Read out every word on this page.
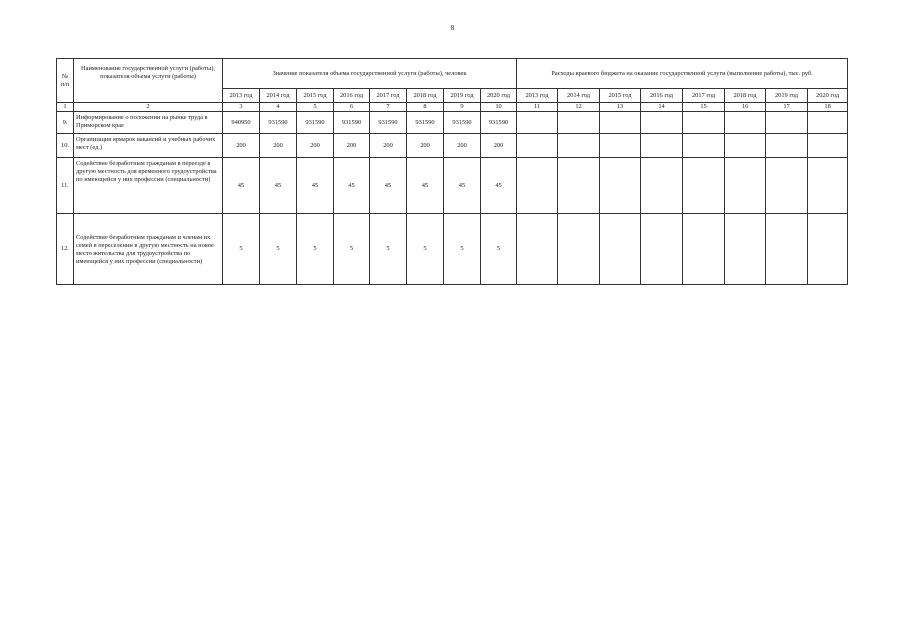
8
№
п/п	Наименование государственной услуги (работы), показателя объема услуги (работы)	Значение показателя объема государственной услуги (работы), человек								Расходы краевого бюджета на оказание государственной услуги (выполнение работы), тыс. руб.							
		2013 год	2014 год	2015 год	2016 год	2017 год	2018 год	2019 год	2020 год	2013 год	2014 год	2015 год	2016 год	2017 год	2018 год	2019 год	2020 год
1	2	3	4	5	6	7	8	9	10	11	12	13	14	15	16	17	18
9.	Информирование о положении на рынке труда в Приморском крае	940950	931590	931590	931590	931590	931590	931590	931590								
10.	Организация ярмарок вакансий и учебных рабочих мест (ед.)	200	200	200	200	200	200	200	200								
11.	Содействие безработным гражданам в переезде в другую местность для временного трудоустройства по имеющейся у них профессии (специальности)	45	45	45	45	45	45	45	45								
12.	Содействие безработным гражданам и членам их семей в переселении в другую местность на новое место жительства для трудоустройства по имеющейся у них профессии (специальности)	5	5	5	5	5	5	5	5								
